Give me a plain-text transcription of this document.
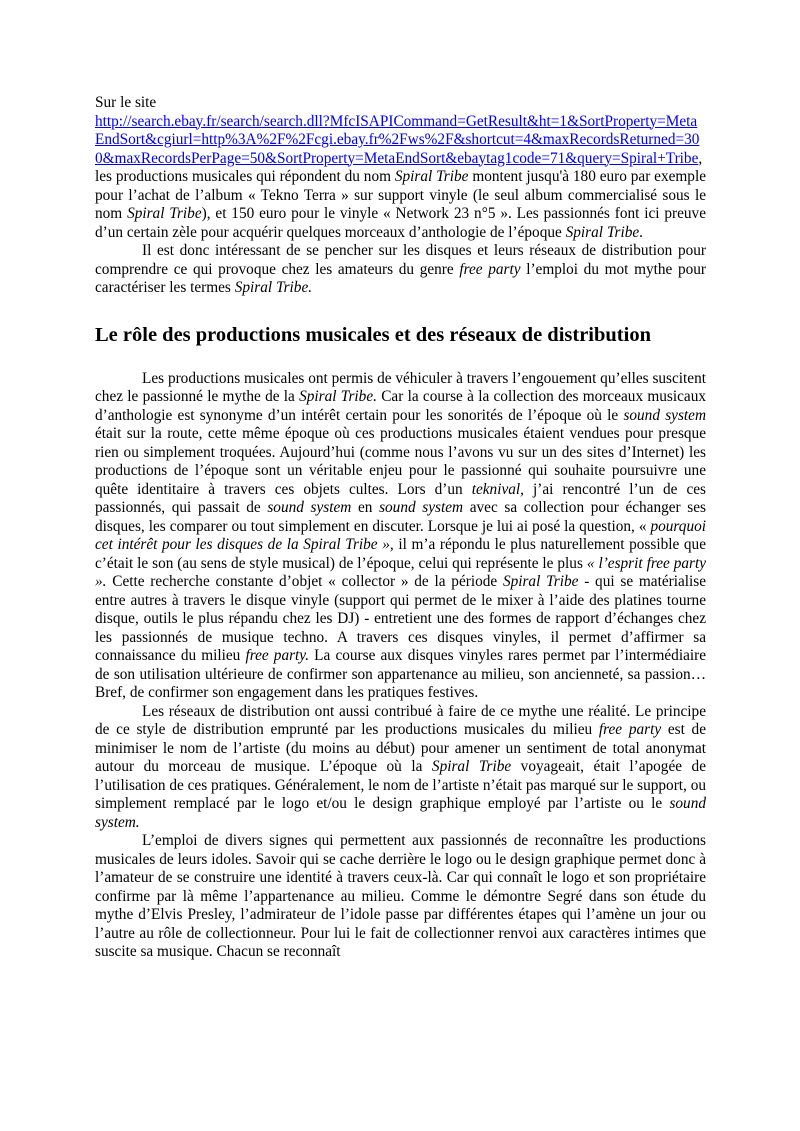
Sur le site
http://search.ebay.fr/search/search.dll?MfcISAPICommand=GetResult&ht=1&SortProperty=MetaEndSort&cgiurl=http%3A%2F%2Fcgi.ebay.fr%2Fws%2F&shortcut=4&maxRecordsReturned=300&maxRecordsPerPage=50&SortProperty=MetaEndSort&ebaytag1code=71&query=Spiral+Tribe, les productions musicales qui répondent du nom Spiral Tribe montent jusqu'à 180 euro par exemple pour l’achat de l’album « Tekno Terra » sur support vinyle (le seul album commercialisé sous le nom Spiral Tribe), et 150 euro pour le vinyle « Network 23 n°5 ». Les passionnés font ici preuve d’un certain zèle pour acquérir quelques morceaux d’anthologie de l’époque Spiral Tribe.

Il est donc intéressant de se pencher sur les disques et leurs réseaux de distribution pour comprendre ce qui provoque chez les amateurs du genre free party l’emploi du mot mythe pour caractériser les termes Spiral Tribe.

Le rôle des productions musicales et des réseaux de distribution

Les productions musicales ont permis de véhiculer à travers l’engouement qu’elles suscitent chez le passionné le mythe de la Spiral Tribe. Car la course à la collection des morceaux musicaux d’anthologie est synonyme d’un intérêt certain pour les sonorités de l’époque où le sound system était sur la route, cette même époque où ces productions musicales étaient vendues pour presque rien ou simplement troquées. Aujourd’hui (comme nous l’avons vu sur un des sites d’Internet) les productions de l’époque sont un véritable enjeu pour le passionné qui souhaite poursuivre une quête identitaire à travers ces objets cultes. Lors d’un teknival, j’ai rencontré l’un de ces passionnés, qui passait de sound system en sound system avec sa collection pour échanger ses disques, les comparer ou tout simplement en discuter. Lorsque je lui ai posé la question, « pourquoi cet intérêt pour les disques de la Spiral Tribe », il m’a répondu le plus naturellement possible que c’était le son (au sens de style musical) de l’époque, celui qui représente le plus « l’esprit free party ». Cette recherche constante d’objet « collector » de la période Spiral Tribe - qui se matérialise entre autres à travers le disque vinyle (support qui permet de le mixer à l’aide des platines tourne disque, outils le plus répandu chez les DJ) - entretient une des formes de rapport d’échanges chez les passionnés de musique techno. A travers ces disques vinyles, il permet d’affirmer sa connaissance du milieu free party. La course aux disques vinyles rares permet par l’intermédiaire de son utilisation ultérieure de confirmer son appartenance au milieu, son ancienneté, sa passion… Bref, de confirmer son engagement dans les pratiques festives.

Les réseaux de distribution ont aussi contribué à faire de ce mythe une réalité. Le principe de ce style de distribution emprunté par les productions musicales du milieu free party est de minimiser le nom de l’artiste (du moins au début) pour amener un sentiment de total anonymat autour du morceau de musique. L’époque où la Spiral Tribe voyageait, était l’apogée de l’utilisation de ces pratiques. Généralement, le nom de l’artiste n’était pas marqué sur le support, ou simplement remplacé par le logo et/ou le design graphique employé par l’artiste ou le sound system.

L’emploi de divers signes qui permettent aux passionnés de reconnaître les productions musicales de leurs idoles. Savoir qui se cache derrière le logo ou le design graphique permet donc à l’amateur de se construire une identité à travers ceux-là. Car qui connaît le logo et son propriétaire confirme par là même l’appartenance au milieu. Comme le démontre Segré dans son étude du mythe d’Elvis Presley, l’admirateur de l’idole passe par différentes étapes qui l’amène un jour ou l’autre au rôle de collectionneur. Pour lui le fait de collectionner renvoi aux caractères intimes que suscite sa musique. Chacun se reconnaît
